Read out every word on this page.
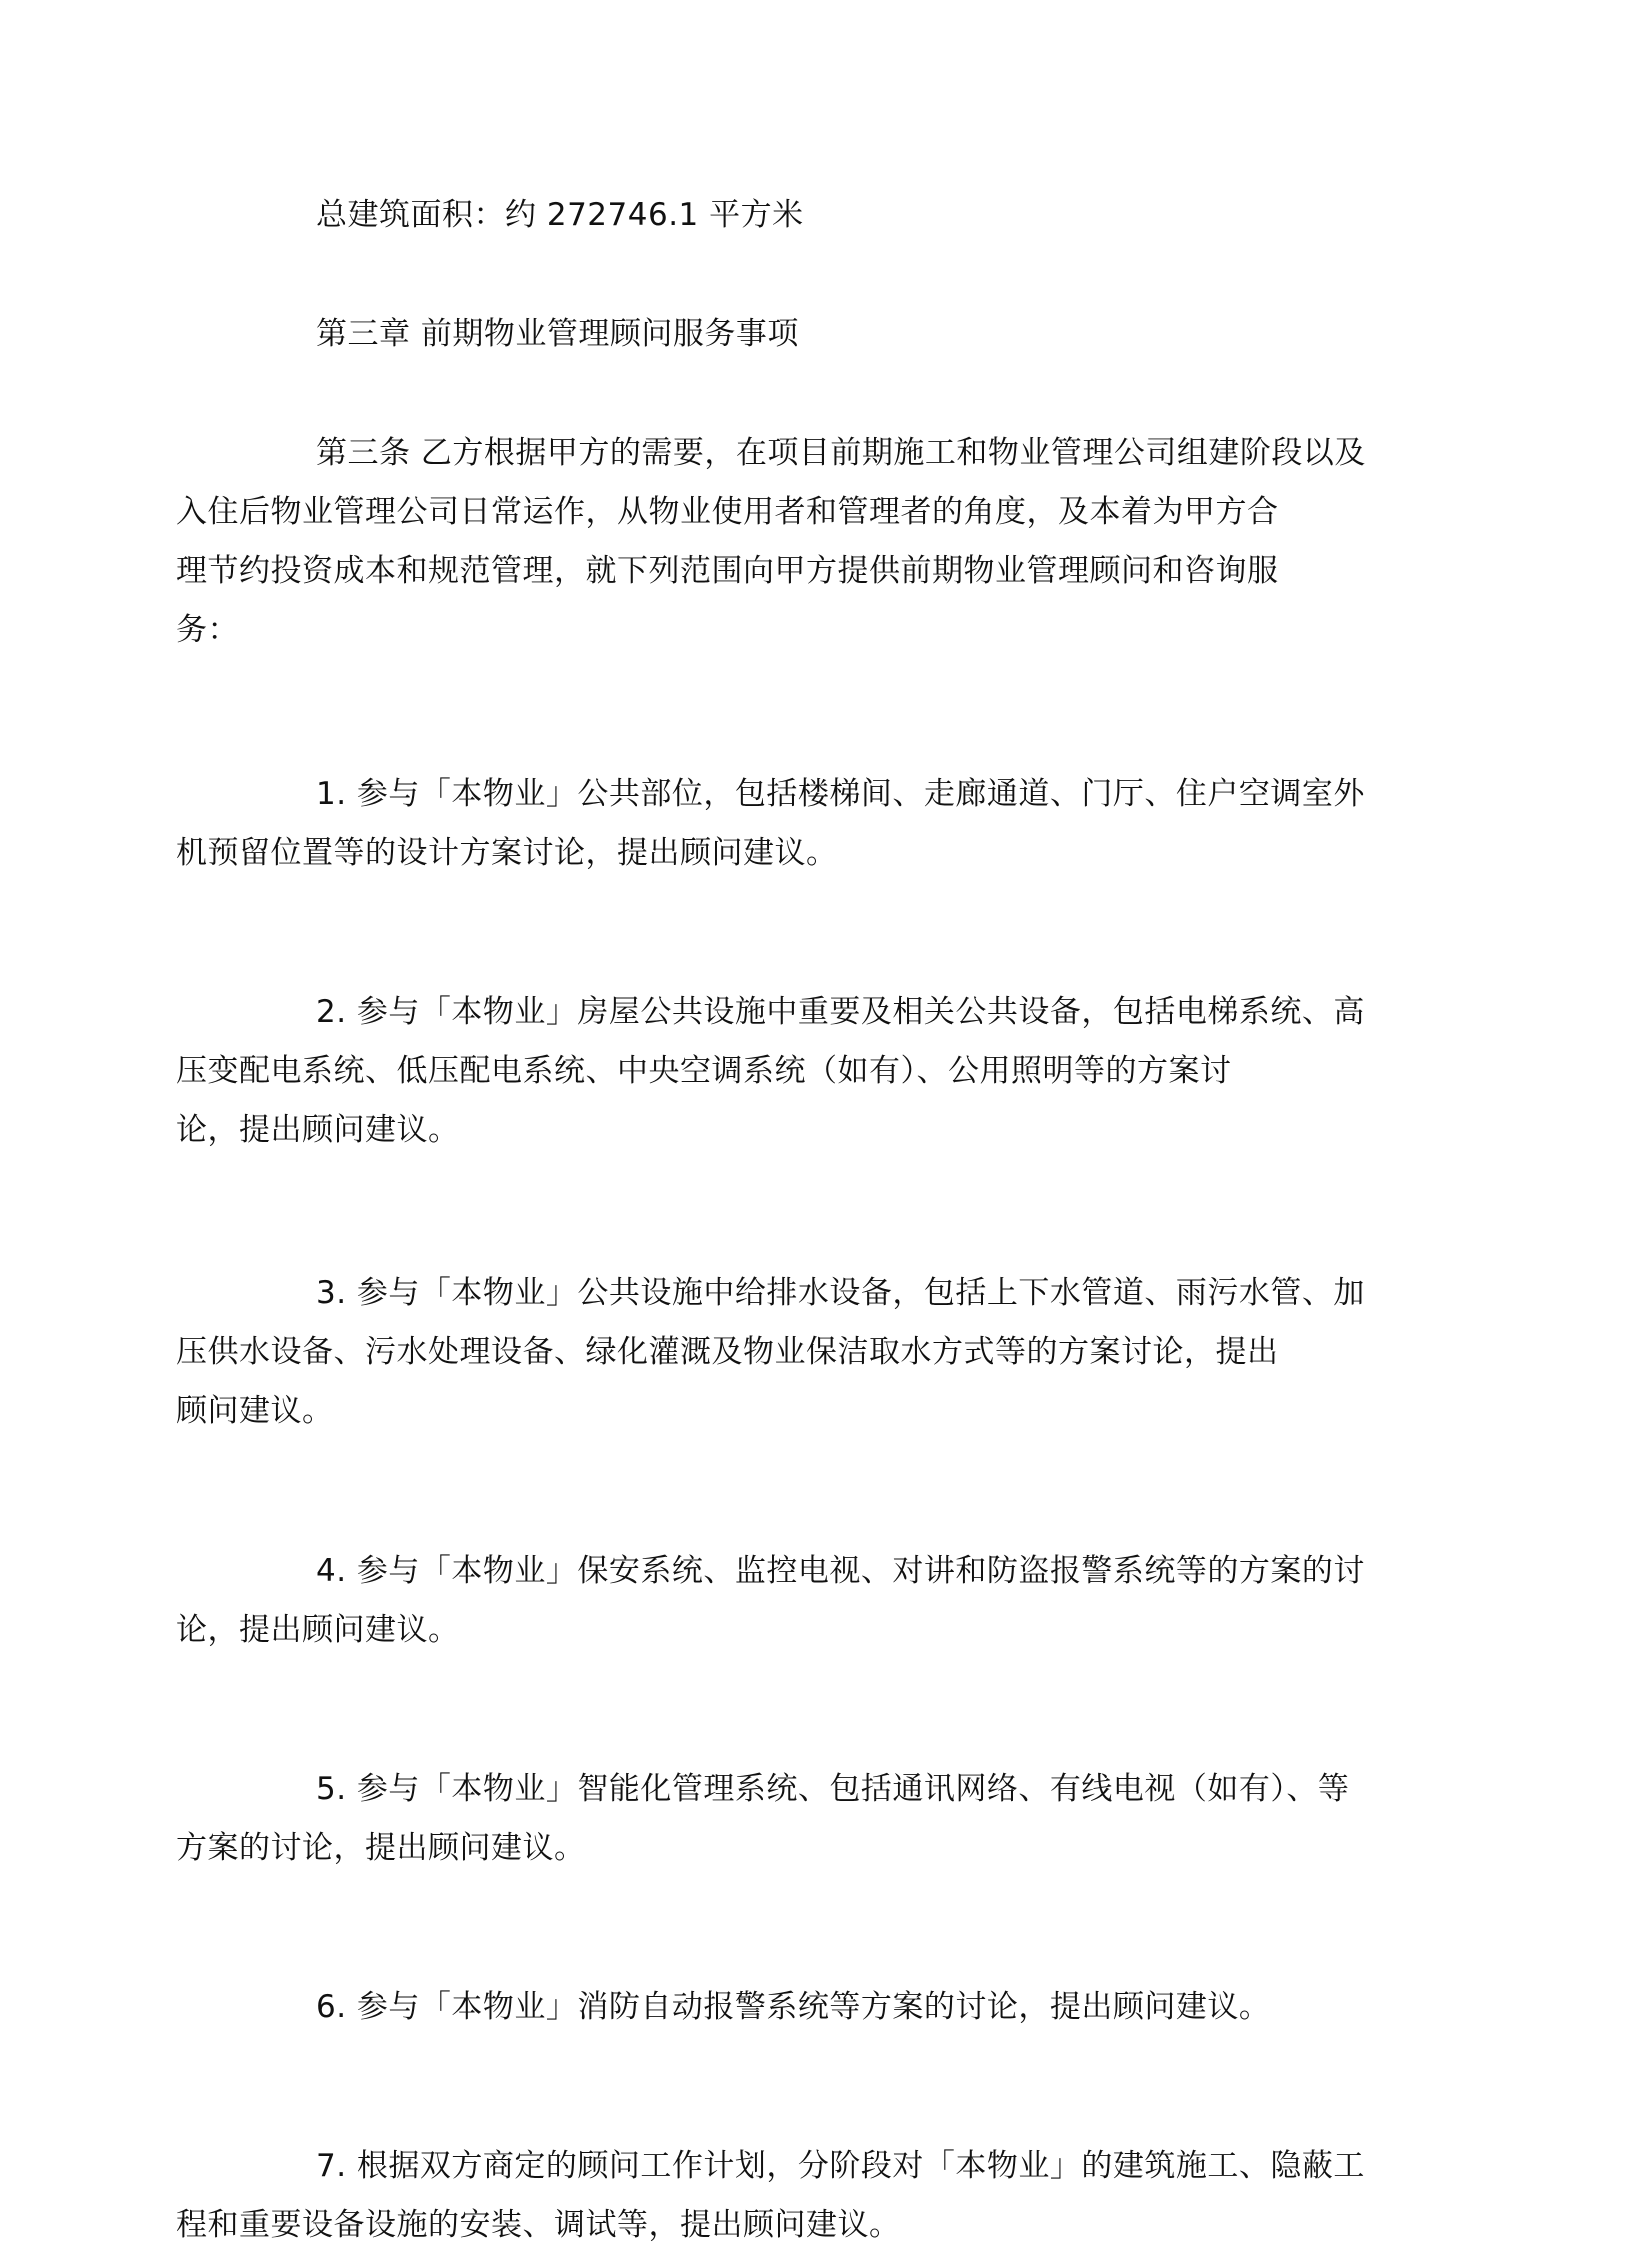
总建筑面积：约 272746.1 平方米

第三章 前期物业管理顾问服务事项

第三条 乙方根据甲方的需要，在项目前期施工和物业管理公司组建阶段以及
入住后物业管理公司日常运作，从物业使用者和管理者的角度，及本着为甲方合
理节约投资成本和规范管理，就下列范围向甲方提供前期物业管理顾问和咨询服
务：

1. 参与「本物业」公共部位，包括楼梯间、走廊通道、门厅、住户空调室外
机预留位置等的设计方案讨论，提出顾问建议。

2. 参与「本物业」房屋公共设施中重要及相关公共设备，包括电梯系统、高
压变配电系统、低压配电系统、中央空调系统（如有）、公用照明等的方案讨
论，提出顾问建议。

3. 参与「本物业」公共设施中给排水设备，包括上下水管道、雨污水管、加
压供水设备、污水处理设备、绿化灌溉及物业保洁取水方式等的方案讨论，提出
顾问建议。

4. 参与「本物业」保安系统、监控电视、对讲和防盗报警系统等的方案的讨
论，提出顾问建议。

5. 参与「本物业」智能化管理系统、包括通讯网络、有线电视（如有）、等
方案的讨论，提出顾问建议。

6. 参与「本物业」消防自动报警系统等方案的讨论，提出顾问建议。

7. 根据双方商定的顾问工作计划，分阶段对「本物业」的建筑施工、隐蔽工
程和重要设备设施的安装、调试等，提出顾问建议。
